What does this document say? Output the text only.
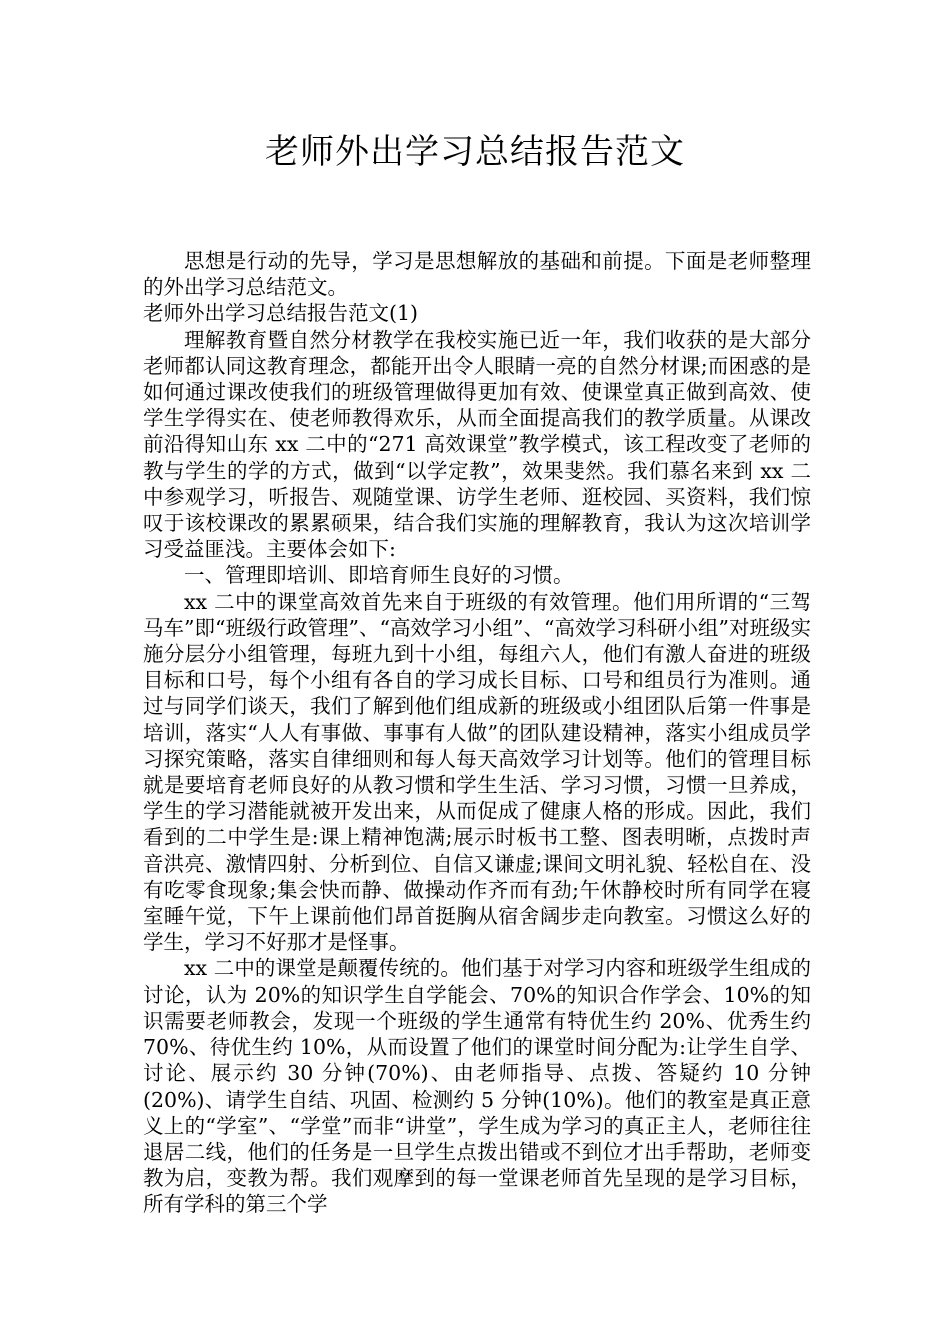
老师外出学习总结报告范文

思想是行动的先导，学习是思想解放的基础和前提。下面是老师整理的外出学习总结范文。

老师外出学习总结报告范文(1)

理解教育暨自然分材教学在我校实施已近一年，我们收获的是大部分老师都认同这教育理念，都能开出令人眼睛一亮的自然分材课;而困惑的是如何通过课改使我们的班级管理做得更加有效、使课堂真正做到高效、使学生学得实在、使老师教得欢乐，从而全面提高我们的教学质量。从课改前沿得知山东 xx 二中的“271 高效课堂”教学模式，该工程改变了老师的教与学生的学的方式，做到“以学定教”，效果斐然。我们慕名来到 xx 二中参观学习，听报告、观随堂课、访学生老师、逛校园、买资料，我们惊叹于该校课改的累累硕果，结合我们实施的理解教育，我认为这次培训学习受益匪浅。主要体会如下:

一、管理即培训、即培育师生良好的习惯。

xx 二中的课堂高效首先来自于班级的有效管理。他们用所谓的“三驾马车”即“班级行政管理”、“高效学习小组”、“高效学习科研小组”对班级实施分层分小组管理，每班九到十小组，每组六人，他们有激人奋进的班级目标和口号，每个小组有各自的学习成长目标、口号和组员行为准则。通过与同学们谈天，我们了解到他们组成新的班级或小组团队后第一件事是培训，落实“人人有事做、事事有人做”的团队建设精神，落实小组成员学习探究策略，落实自律细则和每人每天高效学习计划等。他们的管理目标就是要培育老师良好的从教习惯和学生生活、学习习惯，习惯一旦养成，学生的学习潜能就被开发出来，从而促成了健康人格的形成。因此，我们看到的二中学生是:课上精神饱满;展示时板书工整、图表明晰，点拨时声音洪亮、激情四射、分析到位、自信又谦虚;课间文明礼貌、轻松自在、没有吃零食现象;集会快而静、做操动作齐而有劲;午休静校时所有同学在寝室睡午觉，下午上课前他们昂首挺胸从宿舍阔步走向教室。习惯这么好的学生，学习不好那才是怪事。

xx 二中的课堂是颠覆传统的。他们基于对学习内容和班级学生组成的讨论，认为 20%的知识学生自学能会、70%的知识合作学会、10%的知识需要老师教会，发现一个班级的学生通常有特优生约 20%、优秀生约 70%、待优生约 10%，从而设置了他们的课堂时间分配为:让学生自学、讨论、展示约 30 分钟(70%)、由老师指导、点拨、答疑约 10 分钟(20%)、请学生自结、巩固、检测约 5 分钟(10%)。他们的教室是真正意义上的“学室”、“学堂”而非“讲堂”，学生成为学习的真正主人，老师往往退居二线，他们的任务是一旦学生点拨出错或不到位才出手帮助，老师变教为启，变教为帮。我们观摩到的每一堂课老师首先呈现的是学习目标，所有学科的第三个学
